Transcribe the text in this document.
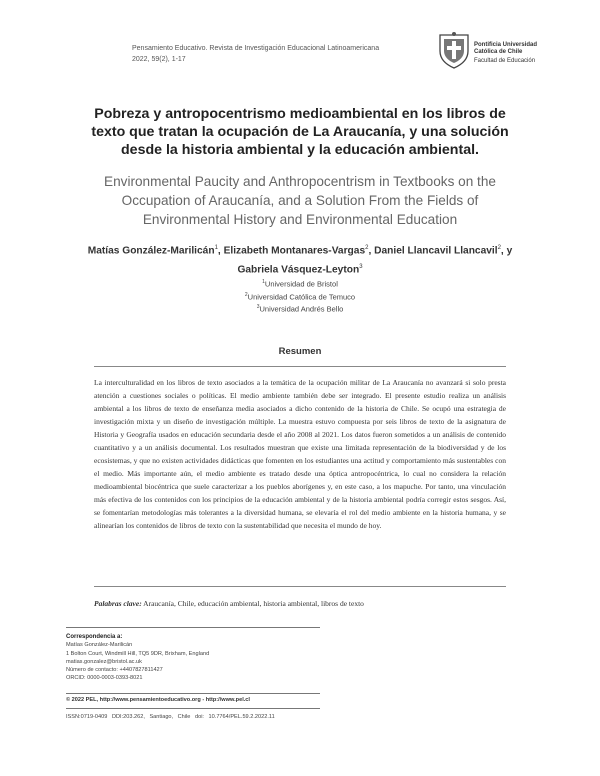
Pensamiento Educativo. Revista de Investigación Educacional Latinoamericana
2022, 59(2), 1-17
Pontificia Universidad
Católica de Chile
Facultad de Educación
Pobreza y antropocentrismo medioambiental en los libros de texto que tratan la ocupación de La Araucanía, y una solución desde la historia ambiental y la educación ambiental.
Environmental Paucity and Anthropocentrism in Textbooks on the Occupation of Araucanía, and a Solution From the Fields of Environmental History and Environmental Education
Matías González-Marilicán$^1$, Elizabeth Montanares-Vargas$^2$, Daniel Llancavil Llancavil$^2$, y Gabriela Vásquez-Leyton$^3$
$^1$Universidad de Bristol
$^2$Universidad Católica de Temuco
$^3$Universidad Andrés Bello
Resumen
La interculturalidad en los libros de texto asociados a la temática de la ocupación militar de La Araucanía no avanzará si solo presta atención a cuestiones sociales o políticas. El medio ambiente también debe ser integrado. El presente estudio realiza un análisis ambiental a los libros de texto de enseñanza media asociados a dicho contenido de la historia de Chile. Se ocupó una estrategia de investigación mixta y un diseño de investigación múltiple. La muestra estuvo compuesta por seis libros de texto de la asignatura de Historia y Geografía usados en educación secundaria desde el año 2008 al 2021. Los datos fueron sometidos a un análisis de contenido cuantitativo y a un análisis documental. Los resultados muestran que existe una limitada representación de la biodiversidad y de los ecosistemas, y que no existen actividades didácticas que fomenten en los estudiantes una actitud y comportamiento más sustentables con el medio. Más importante aún, el medio ambiente es tratado desde una óptica antropocéntrica, lo cual no considera la relación medioambiental biocéntrica que suele caracterizar a los pueblos aborígenes y, en este caso, a los mapuche. Por tanto, una vinculación más efectiva de los contenidos con los principios de la educación ambiental y de la historia ambiental podría corregir estos sesgos. Así, se fomentarían metodologías más tolerantes a la diversidad humana, se elevaría el rol del medio ambiente en la historia humana, y se alinearían los contenidos de libros de texto con la sustentabilidad que necesita el mundo de hoy.
Palabras clave: Araucanía, Chile, educación ambiental, historia ambiental, libros de texto
Correspondencia a:
Matías González-Marilicán
1 Bolton Court, Windmill Hill, TQ5 9DR, Brixham, England
matias.gonzalez@bristol.ac.uk
Número de contacto: +4407827811427
ORCID: 0000-0003-0393-8021
© 2022 PEL, http://www.pensamientoeducativo.org - http://www.pel.cl
ISSN:0719-0409 DDI:203.262, Santiago, Chile doi: 10.7764/PEL.59.2.2022.11
